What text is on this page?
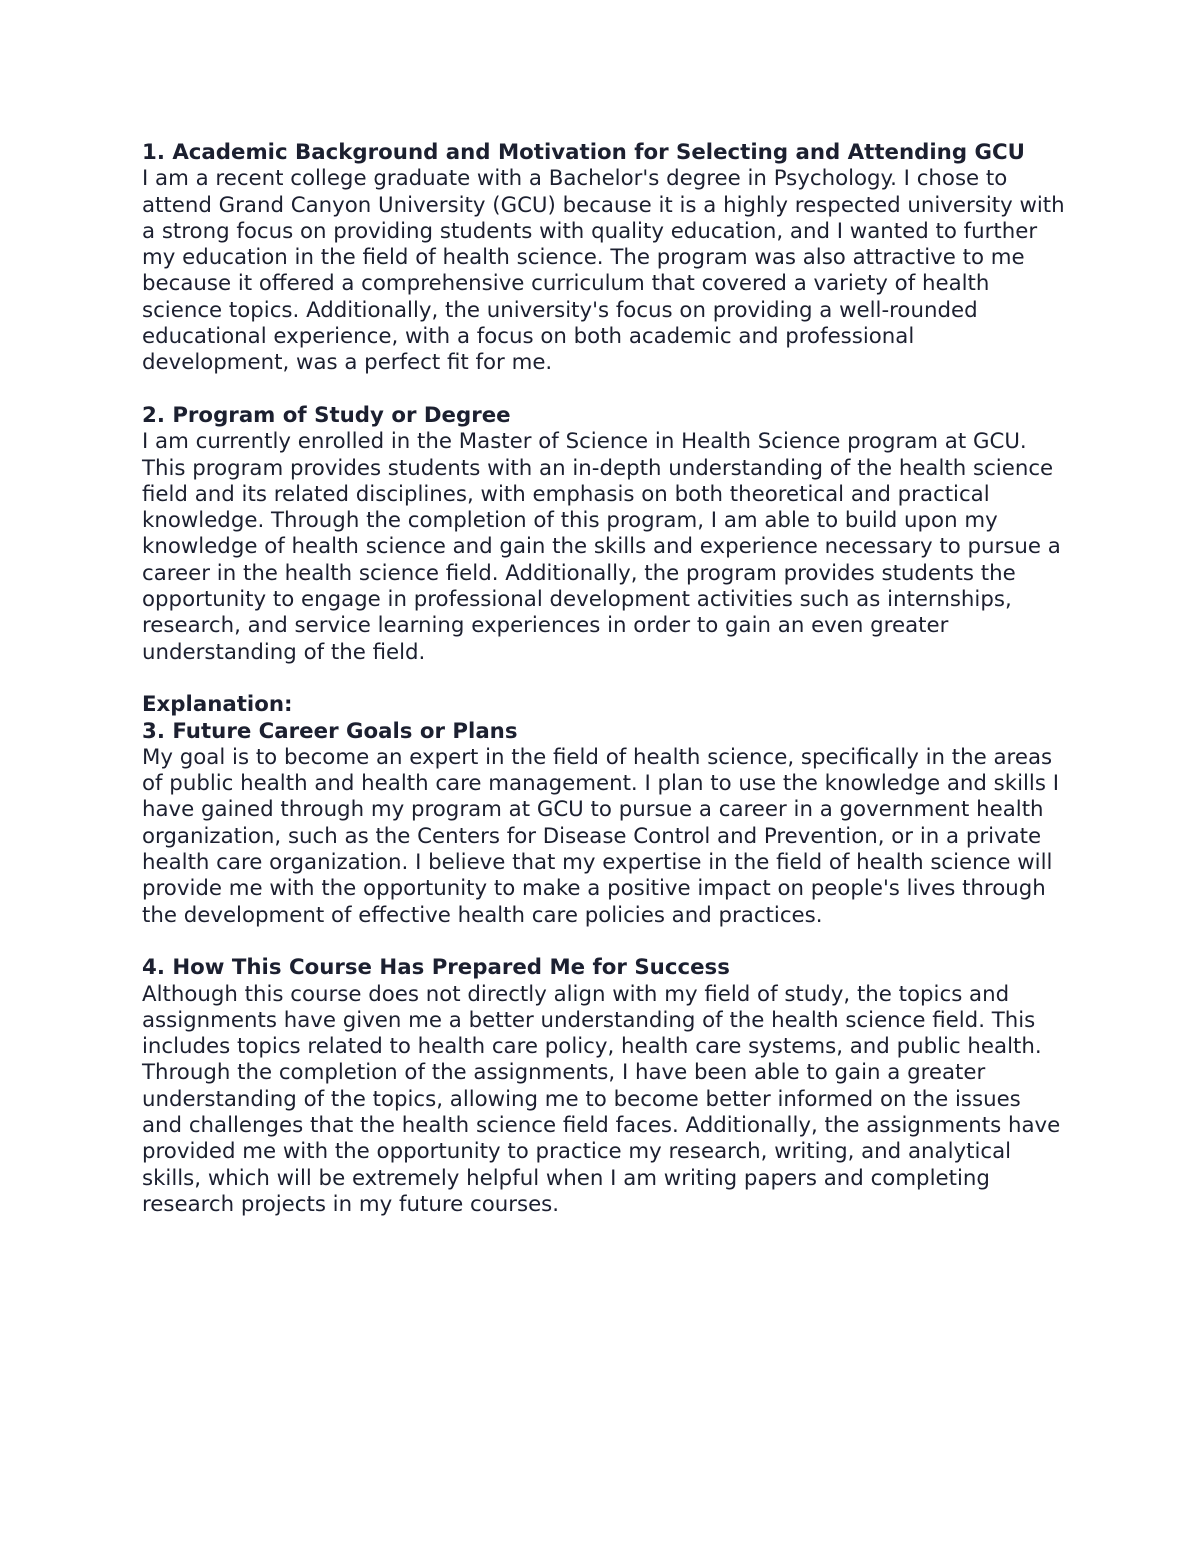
1. Academic Background and Motivation for Selecting and Attending GCU
I am a recent college graduate with a Bachelor's degree in Psychology. I chose to attend Grand Canyon University (GCU) because it is a highly respected university with a strong focus on providing students with quality education, and I wanted to further my education in the field of health science. The program was also attractive to me because it offered a comprehensive curriculum that covered a variety of health science topics. Additionally, the university's focus on providing a well-rounded educational experience, with a focus on both academic and professional development, was a perfect fit for me.
2. Program of Study or Degree
I am currently enrolled in the Master of Science in Health Science program at GCU. This program provides students with an in-depth understanding of the health science field and its related disciplines, with emphasis on both theoretical and practical knowledge. Through the completion of this program, I am able to build upon my knowledge of health science and gain the skills and experience necessary to pursue a career in the health science field. Additionally, the program provides students the opportunity to engage in professional development activities such as internships, research, and service learning experiences in order to gain an even greater understanding of the field.
Explanation:
3. Future Career Goals or Plans
My goal is to become an expert in the field of health science, specifically in the areas of public health and health care management. I plan to use the knowledge and skills I have gained through my program at GCU to pursue a career in a government health organization, such as the Centers for Disease Control and Prevention, or in a private health care organization. I believe that my expertise in the field of health science will provide me with the opportunity to make a positive impact on people's lives through the development of effective health care policies and practices.
4. How This Course Has Prepared Me for Success
Although this course does not directly align with my field of study, the topics and assignments have given me a better understanding of the health science field. This includes topics related to health care policy, health care systems, and public health. Through the completion of the assignments, I have been able to gain a greater understanding of the topics, allowing me to become better informed on the issues and challenges that the health science field faces. Additionally, the assignments have provided me with the opportunity to practice my research, writing, and analytical skills, which will be extremely helpful when I am writing papers and completing research projects in my future courses.
